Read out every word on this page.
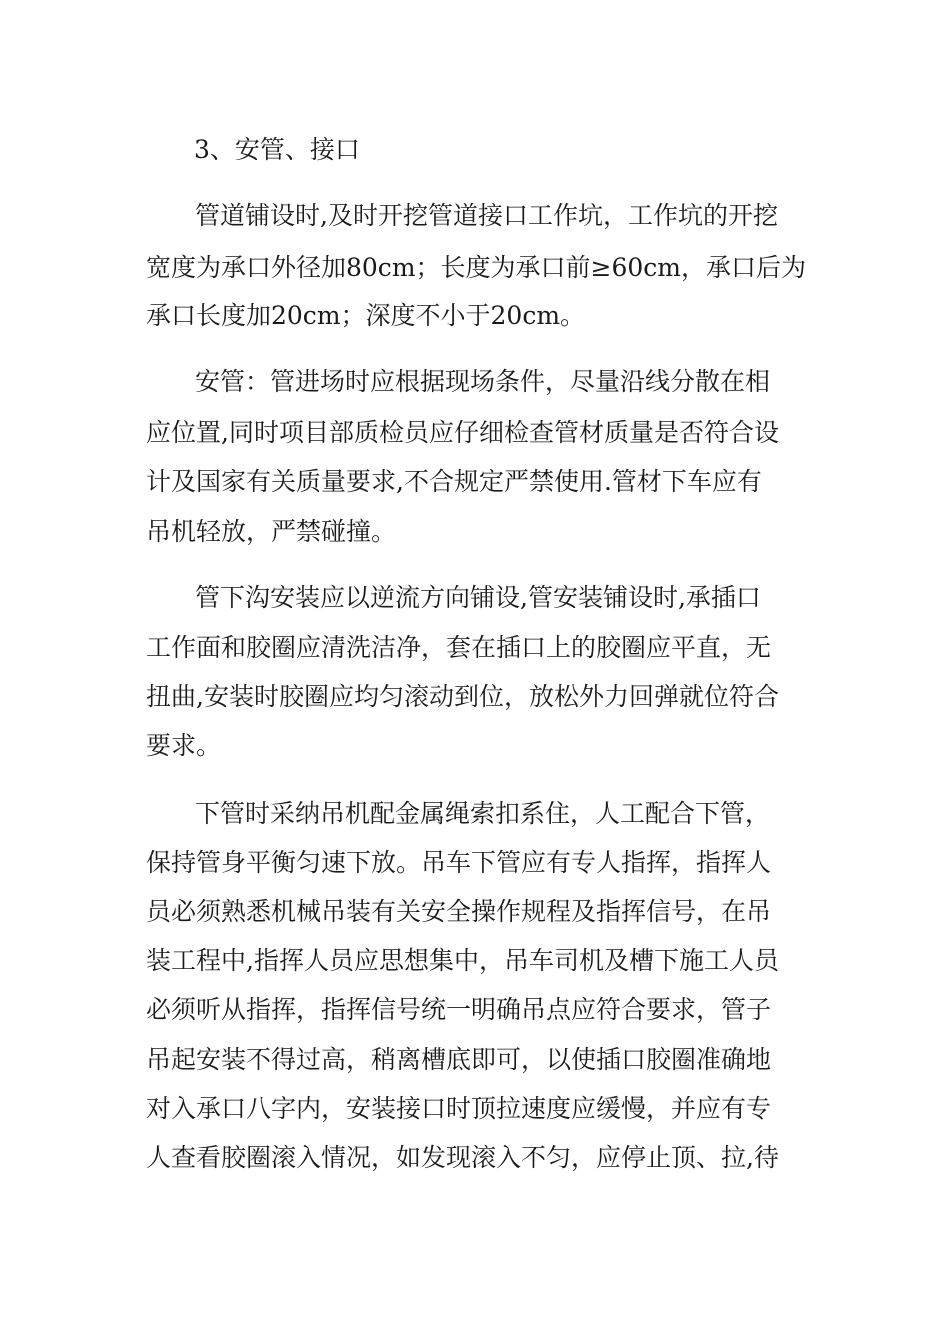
3、安管、接口
管道铺设时,及时开挖管道接口工作坑，工作坑的开挖
宽度为承口外径加80cm；长度为承口前≥60cm，承口后为
承口长度加20cm；深度不小于20cm。
安管：管进场时应根据现场条件，尽量沿线分散在相
应位置,同时项目部质检员应仔细检查管材质量是否符合设
计及国家有关质量要求,不合规定严禁使用.管材下车应有
吊机轻放，严禁碰撞。
管下沟安装应以逆流方向铺设,管安装铺设时,承插口
工作面和胶圈应清洗洁净，套在插口上的胶圈应平直，无
扭曲,安装时胶圈应均匀滚动到位，放松外力回弹就位符合
要求。
下管时采纳吊机配金属绳索扣系住，人工配合下管，
保持管身平衡匀速下放。吊车下管应有专人指挥，指挥人
员必须熟悉机械吊装有关安全操作规程及指挥信号，在吊
装工程中,指挥人员应思想集中，吊车司机及槽下施工人员
必须听从指挥，指挥信号统一明确吊点应符合要求，管子
吊起安装不得过高，稍离槽底即可，以使插口胶圈准确地
对入承口八字内，安装接口时顶拉速度应缓慢，并应有专
人查看胶圈滚入情况，如发现滚入不匀，应停止顶、拉,待
